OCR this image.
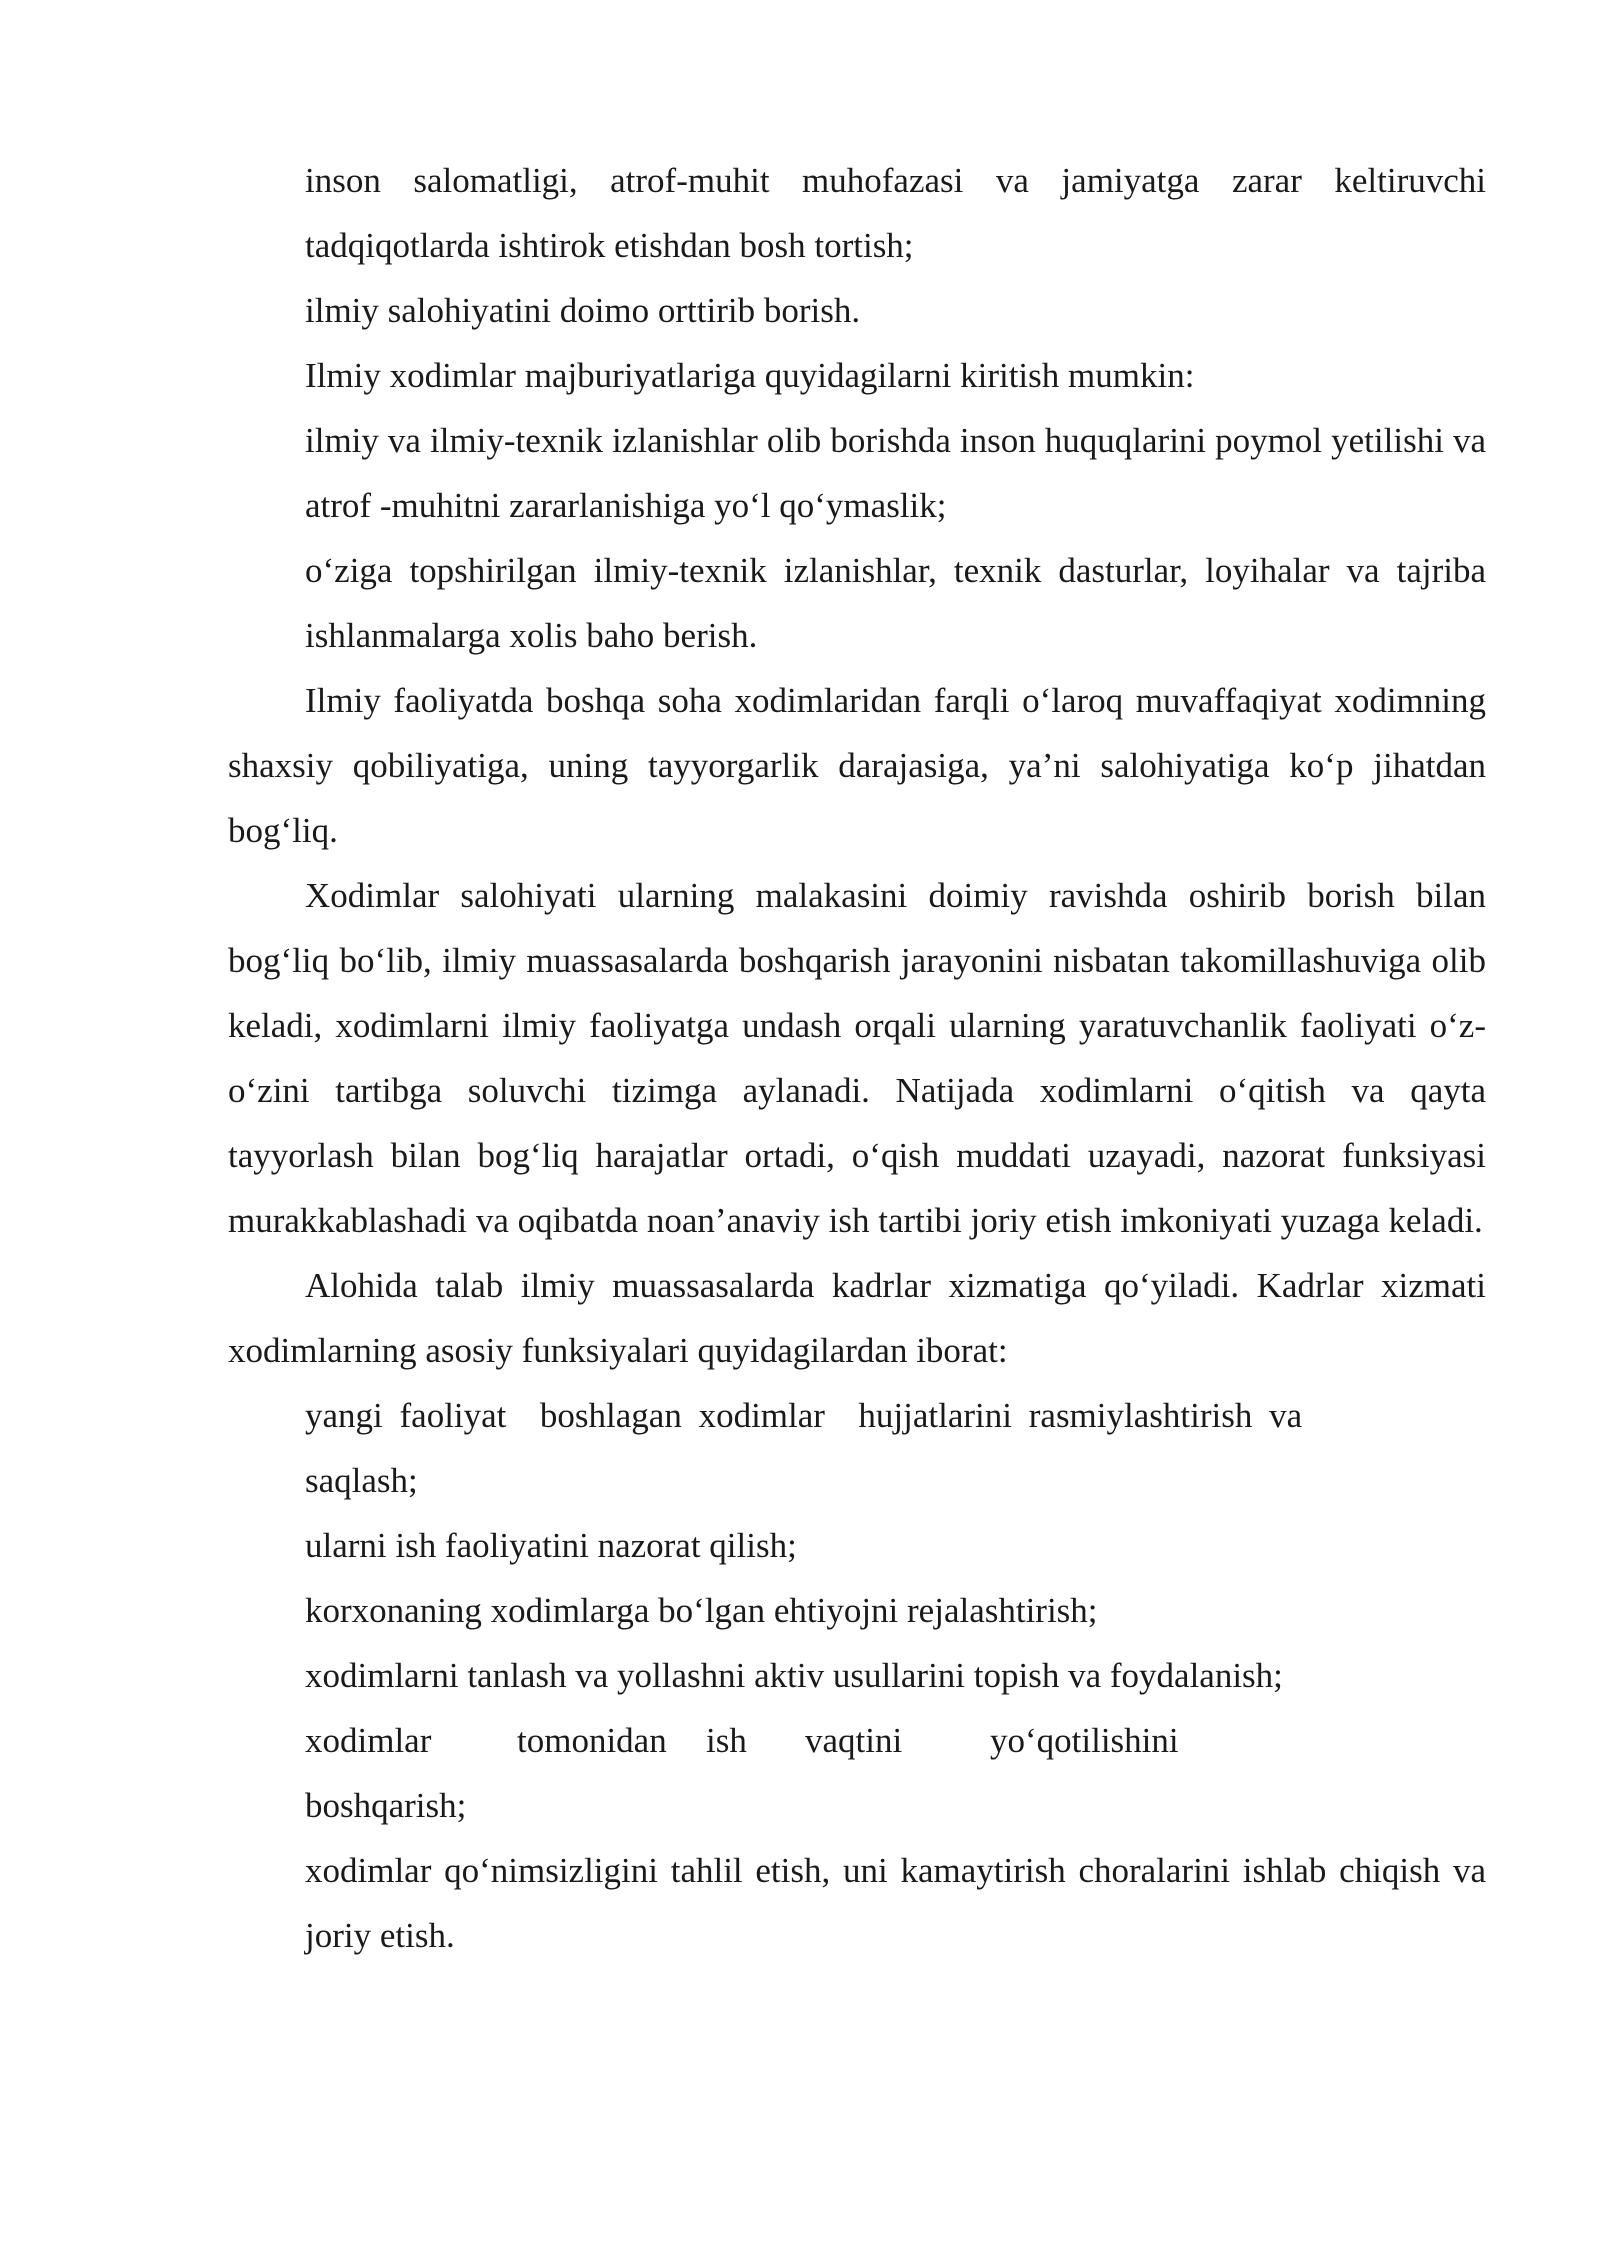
inson salomatligi, atrof-muhit muhofazasi va jamiyatga zarar keltiruvchi tadqiqotlarda ishtirok etishdan bosh tortish;

ilmiy salohiyatini doimo orttirib borish.

Ilmiy xodimlar majburiyatlariga quyidagilarni kiritish mumkin:

ilmiy va ilmiy-texnik izlanishlar olib borishda inson huquqlarini poymol yetilishi va atrof -muhitni zararlanishiga yo‘l qo‘ymaslik;

o‘ziga topshirilgan ilmiy-texnik izlanishlar, texnik dasturlar, loyihalar va tajriba ishlanmalarga xolis baho berish.

Ilmiy faoliyatda boshqa soha xodimlaridan farqli o‘laroq muvaffaqiyat xodimning shaxsiy qobiliyatiga, uning tayyorgarlik darajasiga, ya’ni salohiyatiga ko‘p jihatdan bog‘liq.

Xodimlar salohiyati ularning malakasini doimiy ravishda oshirib borish bilan bog‘liq bo‘lib, ilmiy muassasalarda boshqarish jarayonini nisbatan takomillashuviga olib keladi, xodimlarni ilmiy faoliyatga undash orqali ularning yaratuvchanlik faoliyati o‘z-o‘zini tartibga soluvchi tizimga aylanadi. Natijada xodimlarni o‘qitish va qayta tayyorlash bilan bog‘liq harajatlar ortadi, o‘qish muddati uzayadi, nazorat funksiyasi murakkablashadi va oqibatda noan’anaviy ish tartibi joriy etish imkoniyati yuzaga keladi.

Alohida talab ilmiy muassasalarda kadrlar xizmatiga qo‘yiladi. Kadrlar xizmati xodimlarning asosiy funksiyalari quyidagilardan iborat:

yangi faoliyat  boshlagan xodimlar  hujjatlarini rasmiylashtirish va

saqlash;

ularni ish faoliyatini nazorat qilish;

korxonaning xodimlarga bo‘lgan ehtiyojni rejalashtirish;

xodimlarni tanlash va yollashni aktiv usullarini topish va foydalanish;

xodimlar tomonidan ish vaqtini	yo‘qotilishini

boshqarish;

xodimlar qo‘nimsizligini tahlil etish, uni kamaytirish choralarini ishlab chiqish va joriy etish.
